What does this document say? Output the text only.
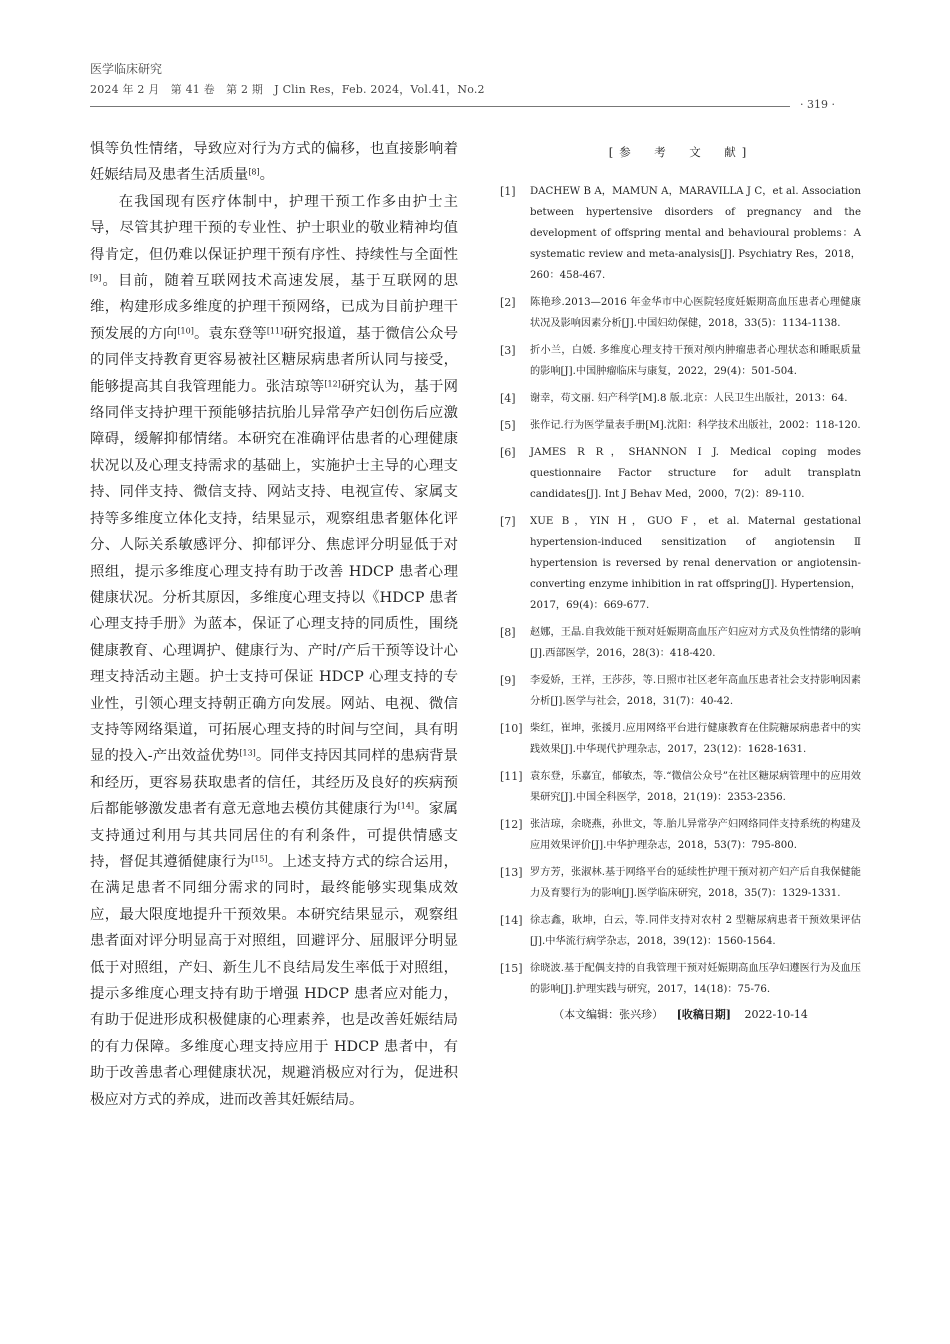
医学临床研究
2024 年 2 月　第 41 卷　第 2 期　J Clin Res，Feb. 2024，Vol.41，No.2
· 319 ·

惧等负性情绪，导致应对行为方式的偏移，也直接影响着妊娠结局及患者生活质量[8]。

在我国现有医疗体制中，护理干预工作多由护士主导，尽管其护理干预的专业性、护士职业的敬业精神均值得肯定，但仍难以保证护理干预有序性、持续性与全面性[9]。目前，随着互联网技术高速发展，基于互联网的思维，构建形成多维度的护理干预网络，已成为目前护理干预发展的方向[10]。袁东登等[11]研究报道，基于微信公众号的同伴支持教育更容易被社区糖尿病患者所认同与接受，能够提高其自我管理能力。张洁琼等[12]研究认为，基于网络同伴支持护理干预能够拮抗胎儿异常孕产妇创伤后应激障碍，缓解抑郁情绪。本研究在准确评估患者的心理健康状况以及心理支持需求的基础上，实施护士主导的心理支持、同伴支持、微信支持、网站支持、电视宣传、家属支持等多维度立体化支持，结果显示，观察组患者躯体化评分、人际关系敏感评分、抑郁评分、焦虑评分明显低于对照组，提示多维度心理支持有助于改善 HDCP 患者心理健康状况。分析其原因，多维度心理支持以《HDCP 患者心理支持手册》为蓝本，保证了心理支持的同质性，围绕健康教育、心理调护、健康行为、产时/产后干预等设计心理支持活动主题。护士支持可保证 HDCP 心理支持的专业性，引领心理支持朝正确方向发展。网站、电视、微信支持等网络渠道，可拓展心理支持的时间与空间，具有明显的投入-产出效益优势[13]。同伴支持因其同样的患病背景和经历，更容易获取患者的信任，其经历及良好的疾病预后都能够激发患者有意无意地去模仿其健康行为[14]。家属支持通过利用与其共同居住的有利条件，可提供情感支持，督促其遵循健康行为[15]。上述支持方式的综合运用，在满足患者不同细分需求的同时，最终能够实现集成效应，最大限度地提升干预效果。本研究结果显示，观察组患者面对评分明显高于对照组，回避评分、屈服评分明显低于对照组，产妇、新生儿不良结局发生率低于对照组，提示多维度心理支持有助于增强 HDCP 患者应对能力，有助于促进形成积极健康的心理素养，也是改善妊娠结局的有力保障。多维度心理支持应用于 HDCP 患者中，有助于改善患者心理健康状况，规避消极应对行为，促进积极应对方式的养成，进而改善其妊娠结局。

[参　考　文　献]
[1]	DACHEW B A，MAMUN A，MARAVILLA J C，et al. Association between hypertensive disorders of pregnancy and the development of offspring mental and behavioural problems：A systematic review and meta-analysis[J]. Psychiatry Res，2018，260：458-467.
[2]	陈艳珍.2013—2016 年金华市中心医院轻度妊娠期高血压患者心理健康状况及影响因素分析[J].中国妇幼保健，2018，33(5)：1134-1138.
[3]	折小兰，白媛. 多维度心理支持干预对颅内肿瘤患者心理状态和睡眠质量的影响[J].中国肿瘤临床与康复，2022，29(4)：501-504.
[4]	谢幸，苟文丽. 妇产科学[M].8 版.北京：人民卫生出版社，2013：64.
[5]	张作记.行为医学量表手册[M].沈阳：科学技术出版社，2002：118-120.
[6]	JAMES R R，SHANNON I J. Medical coping modes questionnaire Factor structure for adult transplatn candidates[J]. Int J Behav Med，2000，7(2)：89-110.
[7]	XUE B，YIN H，GUO F，et al. Maternal gestational hypertension-induced sensitization of angiotensin Ⅱ hypertension is reversed by renal denervation or angiotensin-converting enzyme inhibition in rat offspring[J]. Hypertension，2017，69(4)：669-677.
[8]	赵娜，王晶.自我效能干预对妊娠期高血压产妇应对方式及负性情绪的影响[J].西部医学，2016，28(3)：418-420.
[9]	李爱娇，王祥，王莎莎，等.日照市社区老年高血压患者社会支持影响因素分析[J].医学与社会，2018，31(7)：40-42.
[10] 柴红，崔坤，张援月.应用网络平台进行健康教育在住院糖尿病患者中的实践效果[J].中华现代护理杂志，2017，23(12)：1628-1631.
[11] 袁东登，乐嘉宜，郁敏杰，等.“微信公众号”在社区糖尿病管理中的应用效果研究[J].中国全科医学，2018，21(19)：2353-2356.
[12] 张洁琼，余晓燕，孙世文，等.胎儿异常孕产妇网络同伴支持系统的构建及应用效果评价[J].中华护理杂志，2018，53(7)：795-800.
[13] 罗方芳，张淑林.基于网络平台的延续性护理干预对初产妇产后自我保健能力及育婴行为的影响[J].医学临床研究，2018，35(7)：1329-1331.
[14] 徐志鑫，耿坤，白云，等.同伴支持对农村 2 型糖尿病患者干预效果评估[J].中华流行病学杂志，2018，39(12)：1560-1564.
[15] 徐晓波.基于配偶支持的自我管理干预对妊娠期高血压孕妇遵医行为及血压的影响[J].护理实践与研究，2017，14(18)：75-76.
（本文编辑：张兴珍） [收稿日期] 2022-10-14
